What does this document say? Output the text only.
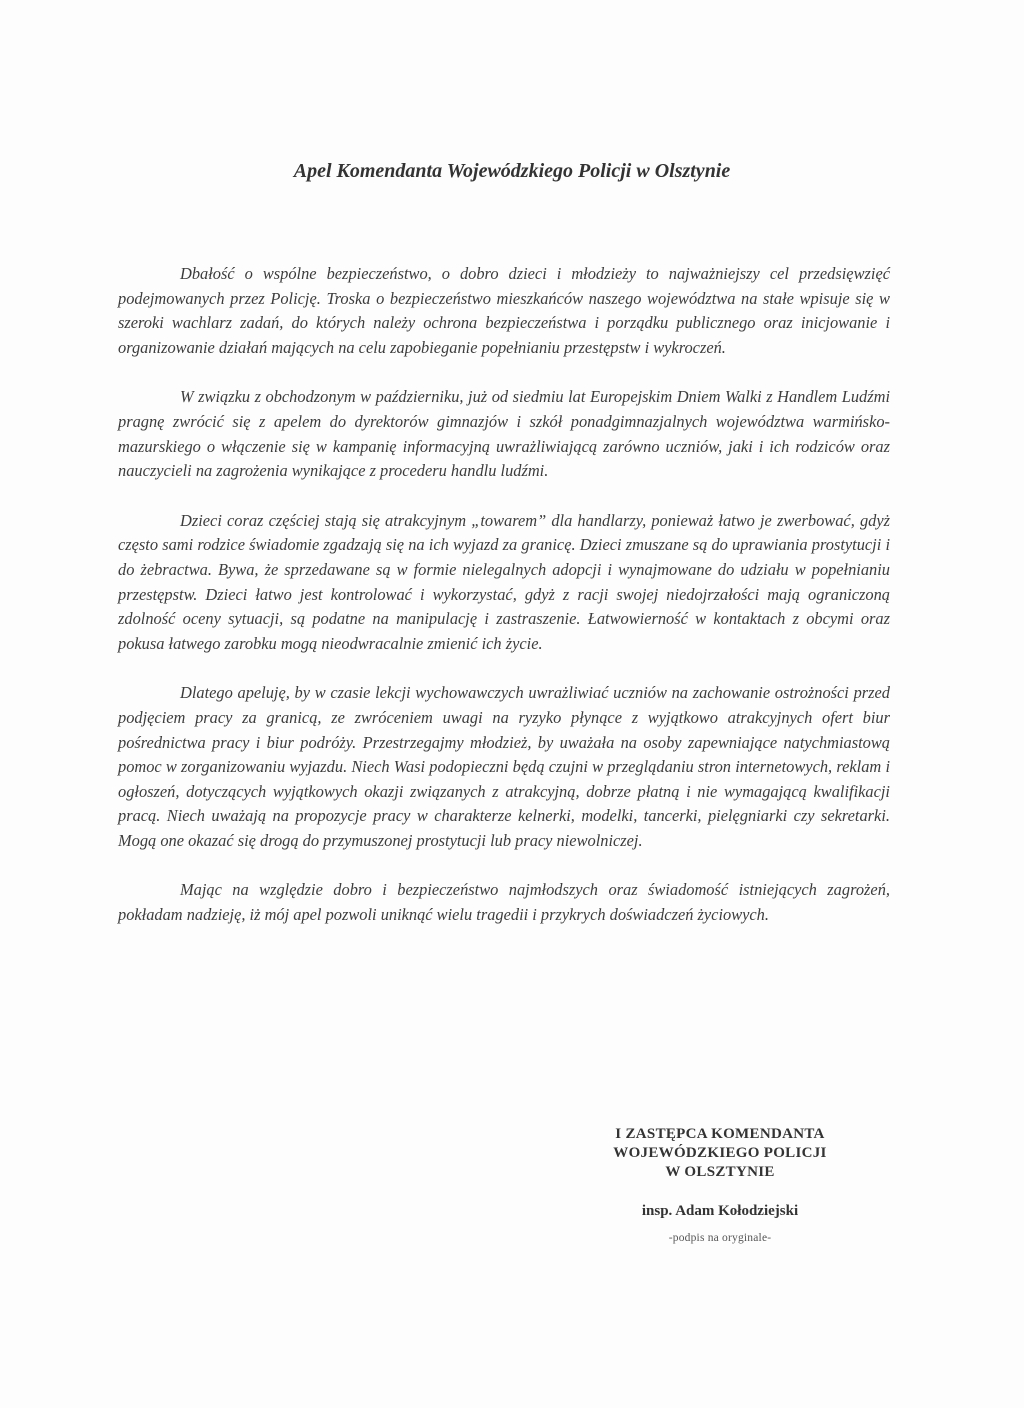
Apel Komendanta Wojewódzkiego Policji w Olsztynie

Dbałość o wspólne bezpieczeństwo, o dobro dzieci i młodzieży to najważniejszy cel przedsięwzięć podejmowanych przez Policję. Troska o bezpieczeństwo mieszkańców naszego województwa na stałe wpisuje się w szeroki wachlarz zadań, do których należy ochrona bezpieczeństwa i porządku publicznego oraz inicjowanie i organizowanie działań mających na celu zapobieganie popełnianiu przestępstw i wykroczeń.

W związku z obchodzonym w październiku, już od siedmiu lat Europejskim Dniem Walki z Handlem Ludźmi pragnę zwrócić się z apelem do dyrektorów gimnazjów i szkół ponadgimnazjalnych województwa warmińsko-mazurskiego o włączenie się w kampanię informacyjną uwrażliwiającą zarówno uczniów, jaki i ich rodziców oraz nauczycieli na zagrożenia wynikające z procederu handlu ludźmi.

Dzieci coraz częściej stają się atrakcyjnym „towarem” dla handlarzy, ponieważ łatwo je zwerbować, gdyż często sami rodzice świadomie zgadzają się na ich wyjazd za granicę. Dzieci zmuszane są do uprawiania prostytucji i do żebractwa. Bywa, że sprzedawane są w formie nielegalnych adopcji i wynajmowane do udziału w popełnianiu przestępstw. Dzieci łatwo jest kontrolować i wykorzystać, gdyż z racji swojej niedojrzałości mają ograniczoną zdolność oceny sytuacji, są podatne na manipulację i zastraszenie. Łatwowierność w kontaktach z obcymi oraz pokusa łatwego zarobku mogą nieodwracalnie zmienić ich życie.

Dlatego apeluję, by w czasie lekcji wychowawczych uwrażliwiać uczniów na zachowanie ostrożności przed podjęciem pracy za granicą, ze zwróceniem uwagi na ryzyko płynące z wyjątkowo atrakcyjnych ofert biur pośrednictwa pracy i biur podróży. Przestrzegajmy młodzież, by uważała na osoby zapewniające natychmiastową pomoc w zorganizowaniu wyjazdu. Niech Wasi podopieczni będą czujni w przeglądaniu stron internetowych, reklam i ogłoszeń, dotyczących wyjątkowych okazji związanych z atrakcyjną, dobrze płatną i nie wymagającą kwalifikacji pracą. Niech uważają na propozycje pracy w charakterze kelnerki, modelki, tancerki, pielęgniarki czy sekretarki. Mogą one okazać się drogą do przymuszonej prostytucji lub pracy niewolniczej.

Mając na względzie dobro i bezpieczeństwo najmłodszych oraz świadomość istniejących zagrożeń, pokładam nadzieję, iż mój apel pozwoli uniknąć wielu tragedii i przykrych doświadczeń życiowych.

I ZASTĘPCA KOMENDANTA

WOJEWÓDZKIEGO POLICJI

W OLSZTYNIE

insp. Adam Kołodziejski

-podpis na oryginale-
